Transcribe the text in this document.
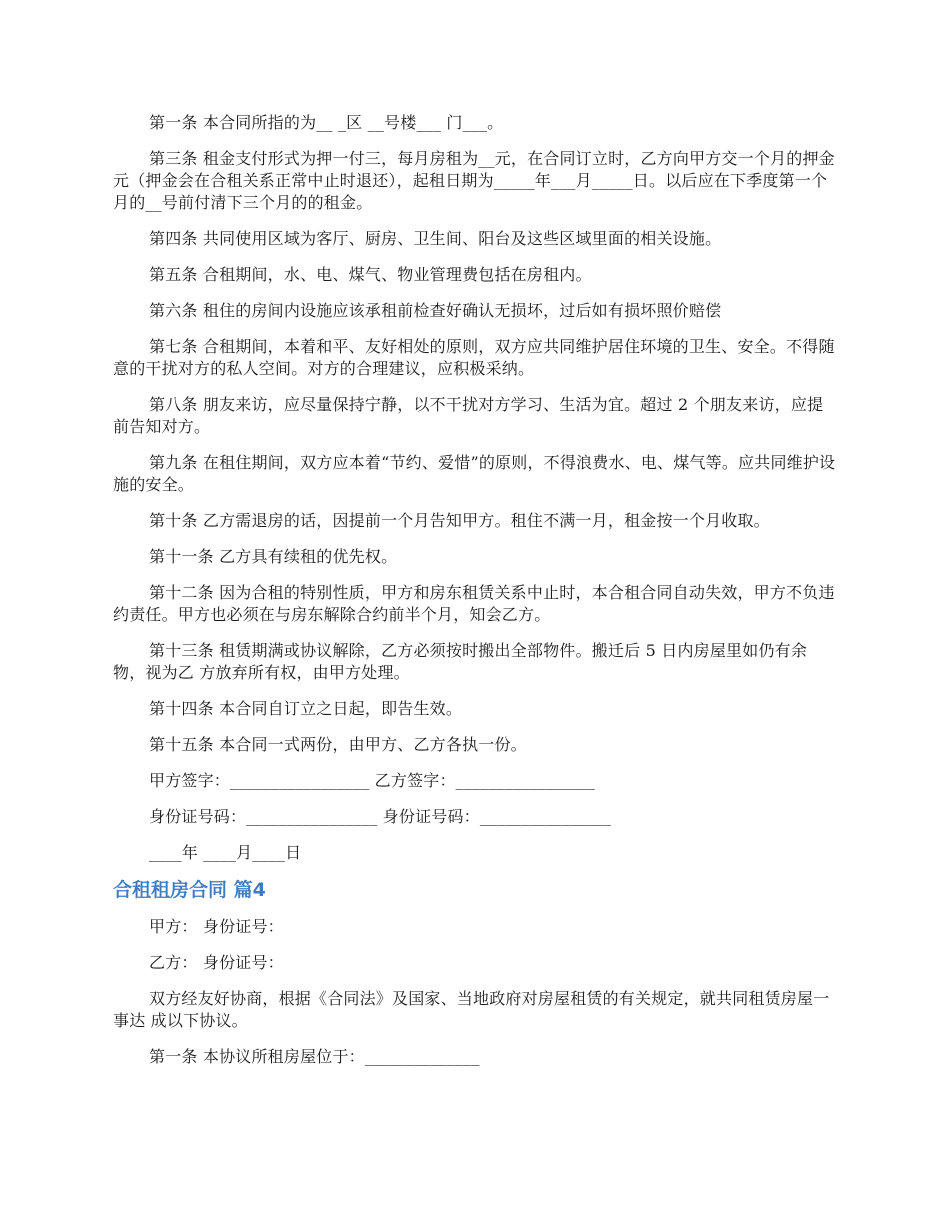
第一条 本合同所指的为__ _区 __号楼___ 门___。

第三条 租金支付形式为押一付三，每月房租为__元，在合同订立时，乙方向甲方交一个月的押金 元（押金会在合租关系正常中止时退还），起租日期为_____年___月_____日。以后应在下季度第一个月的__号前付清下三个月的的租金。

第四条 共同使用区域为客厅、厨房、卫生间、阳台及这些区域里面的相关设施。

第五条 合租期间，水、电、煤气、物业管理费包括在房租内。

第六条 租住的房间内设施应该承租前检查好确认无损坏，过后如有损坏照价赔偿

第七条 合租期间，本着和平、友好相处的原则，双方应共同维护居住环境的卫生、安全。不得随意的干扰对方的私人空间。对方的合理建议，应积极采纳。

第八条 朋友来访，应尽量保持宁静，以不干扰对方学习、生活为宜。超过 2 个朋友来访，应提前告知对方。

第九条 在租住期间，双方应本着“节约、爱惜”的原则，不得浪费水、电、煤气等。应共同维护设施的安全。

第十条 乙方需退房的话，因提前一个月告知甲方。租住不满一月，租金按一个月收取。

第十一条 乙方具有续租的优先权。

第十二条 因为合租的特别性质，甲方和房东租赁关系中止时，本合租合同自动失效，甲方不负违约责任。甲方也必须在与房东解除合约前半个月，知会乙方。

第十三条 租赁期满或协议解除，乙方必须按时搬出全部物件。搬迁后 5 日内房屋里如仍有余物，视为乙 方放弃所有权，由甲方处理。

第十四条 本合同自订立之日起，即告生效。

第十五条 本合同一式两份，由甲方、乙方各执一份。

甲方签字：_________________ 乙方签字：_________________

身份证号码：________________ 身份证号码：________________

____年 ____月____日

合租租房合同 篇4

甲方： 身份证号：

乙方： 身份证号：

双方经友好协商，根据《合同法》及国家、当地政府对房屋租赁的有关规定，就共同租赁房屋一事达 成以下协议。

第一条 本协议所租房屋位于：______________
